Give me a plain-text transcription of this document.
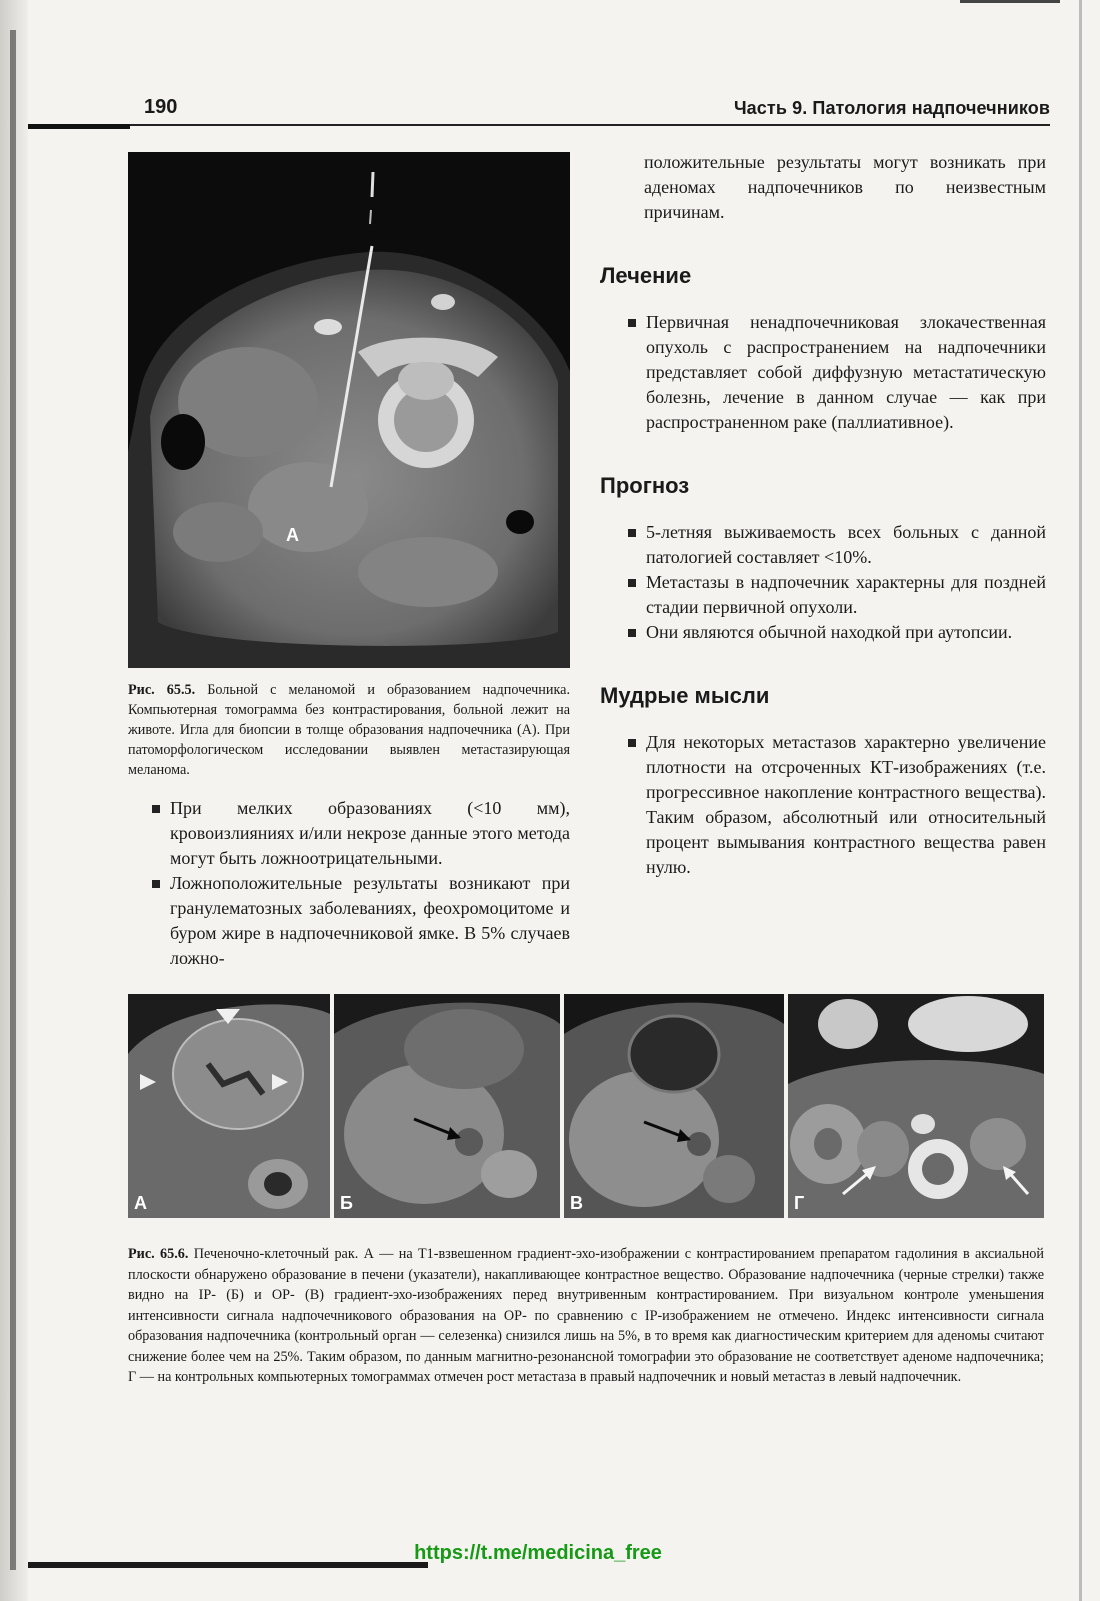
190	Часть 9. Патология надпочечников
A
Рис. 65.5. Больной с меланомой и образованием надпочечника. Компьютерная томограмма без контрастирования, больной лежит на животе. Игла для биопсии в толще образования надпочечника (А). При патоморфологическом исследовании выявлен метастазирующая меланома.
При мелких образованиях (<10 мм), кровоизлияниях и/или некрозе данные этого метода могут быть ложноотрицательными.
Ложноположительные результаты возникают при гранулематозных заболеваниях, феохромоцитоме и буром жире в надпочечниковой ямке. В 5% случаев ложно-
положительные результаты могут возникать при аденомах надпочечников по неизвестным причинам.
Лечение
Первичная ненадпочечниковая злокачественная опухоль с распространением на надпочечники представляет собой диффузную метастатическую болезнь, лечение в данном случае — как при распространенном раке (паллиативное).
Прогноз
5-летняя выживаемость всех больных с данной патологией составляет <10%.
Метастазы в надпочечник характерны для поздней стадии первичной опухоли.
Они являются обычной находкой при аутопсии.
Мудрые мысли
Для некоторых метастазов характерно увеличение плотности на отсроченных КТ-изображениях (т.е. прогрессивное накопление контрастного вещества). Таким образом, абсолютный или относительный процент вымывания контрастного вещества равен нулю.
А	Б	В	Г
Рис. 65.6. Печеночно-клеточный рак. А — на Т1-взвешенном градиент-эхо-изображении с контрастированием препаратом гадолиния в аксиальной плоскости обнаружено образование в печени (указатели), накапливающее контрастное вещество. Образование надпочечника (черные стрелки) также видно на IP- (Б) и OP- (В) градиент-эхо-изображениях перед внутривенным контрастированием. При визуальном контроле уменьшения интенсивности сигнала надпочечникового образования на OP- по сравнению с IP-изображением не отмечено. Индекс интенсивности сигнала образования надпочечника (контрольный орган — селезенка) снизился лишь на 5%, в то время как диагностическим критерием для аденомы считают снижение более чем на 25%. Таким образом, по данным магнитно-резонансной томографии это образование не соответствует аденоме надпочечника; Г — на контрольных компьютерных томограммах отмечен рост метастаза в правый надпочечник и новый метастаз в левый надпочечник.
https://t.me/medicina_free
